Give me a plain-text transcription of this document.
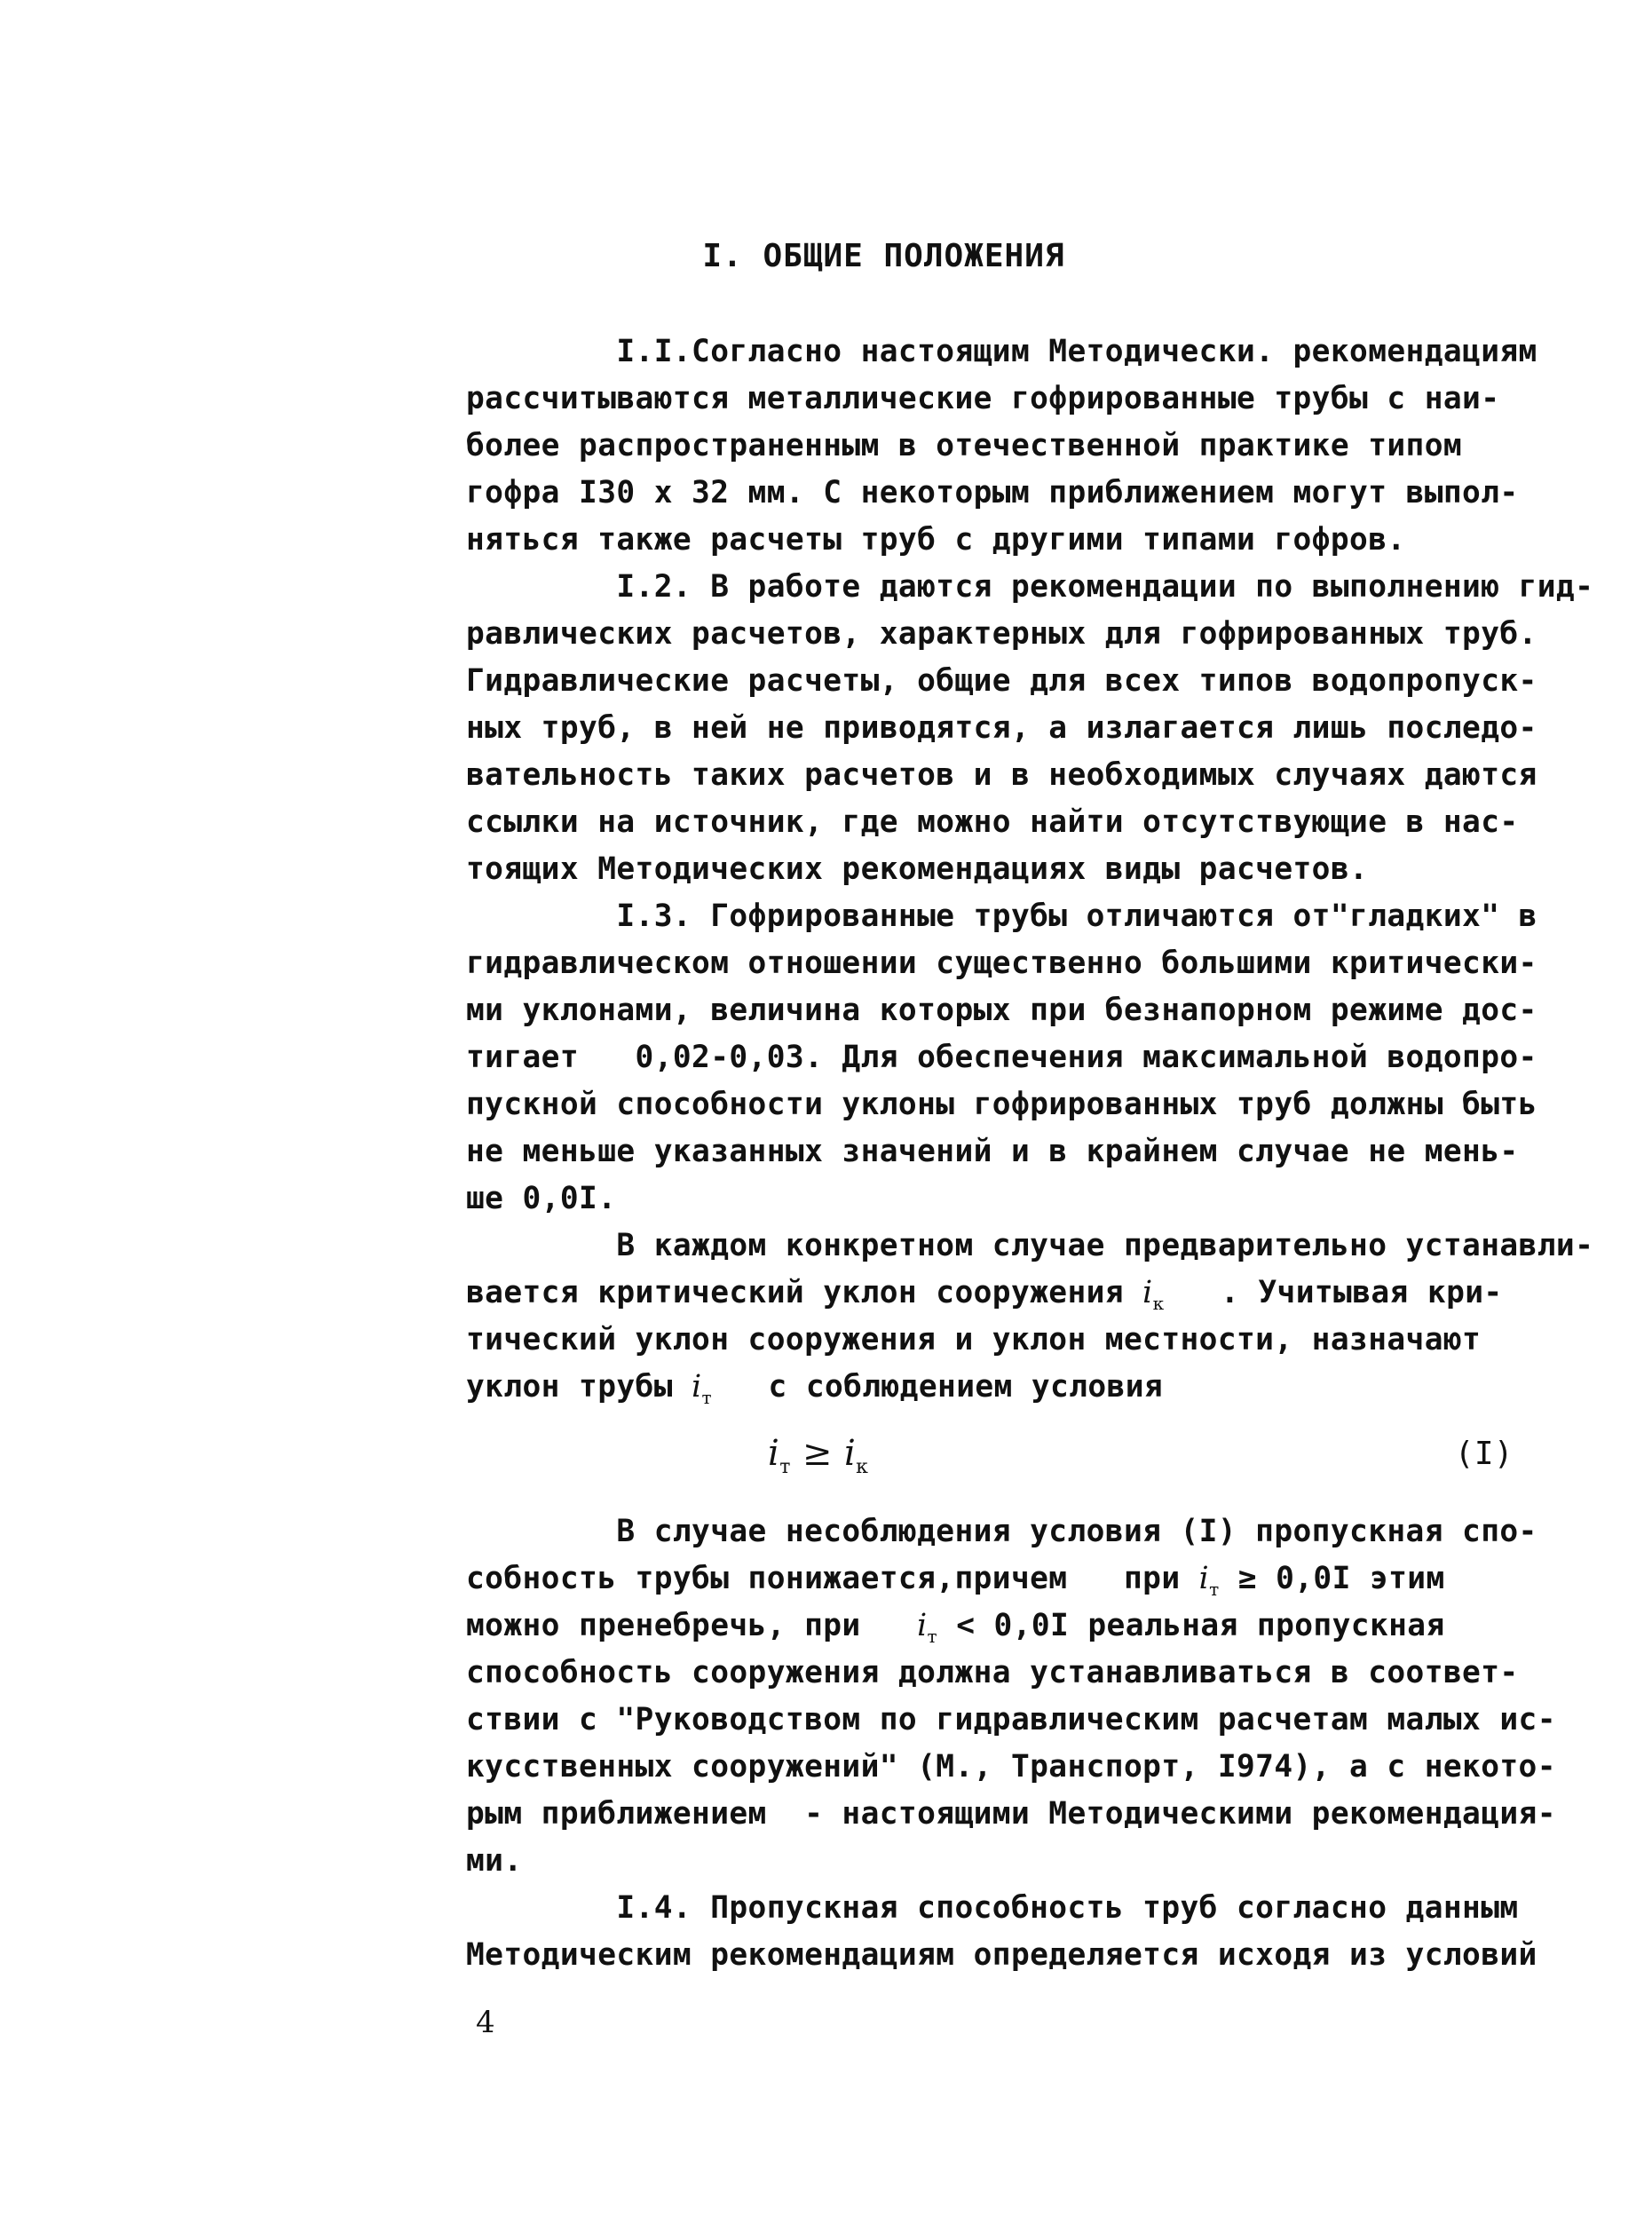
I. ОБЩИЕ ПОЛОЖЕНИЯ
I.I.Согласно настоящим Методически. рекомендациям
рассчитываются металлические гофрированные трубы с наи-
более распространенным в отечественной практике типом
гофра I30 х 32 мм. С некоторым приближением могут выпол-
няться также расчеты труб с другими типами гофров.
I.2. В работе даются рекомендации по выполнению гид-
равлических расчетов, характерных для гофрированных труб.
Гидравлические расчеты, общие для всех типов водопропуск-
ных труб, в ней не приводятся, а излагается лишь последо-
вательность таких расчетов и в необходимых случаях даются
ссылки на источник, где можно найти отсутствующие в нас-
тоящих Методических рекомендациях виды расчетов.
I.3. Гофрированные трубы отличаются от"гладких" в
гидравлическом отношении существенно большими критически-
ми уклонами, величина которых при безнапорном режиме дос-
тигает   0,02-0,03. Для обеспечения максимальной водопро-
пускной способности уклоны гофрированных труб должны быть
не меньше указанных значений и в крайнем случае не мень-
ше 0,0I.
В каждом конкретном случае предварительно устанавли-
вается критический уклон сооружения $i_к$ . Учитывая кри-
тический уклон сооружения и уклон местности, назначают
уклон трубы $i_т$ с соблюдением условия
$i_т \ge i_к$	(I)
В случае несоблюдения условия (I) пропускная спо-
собность трубы понижается,причем   при $i_т \ge 0,0I$ этим
можно пренебречь, при $i_т < 0,0I$ реальная пропускная
способность сооружения должна устанавливаться в соответ-
ствии с "Руководством по гидравлическим расчетам малых ис-
кусственных сооружений" (М., Транспорт, I974), а с некото-
рым приближением  - настоящими Методическими рекомендация-
ми.
I.4. Пропускная способность труб согласно данным
Методическим рекомендациям определяется исходя из условий
4
